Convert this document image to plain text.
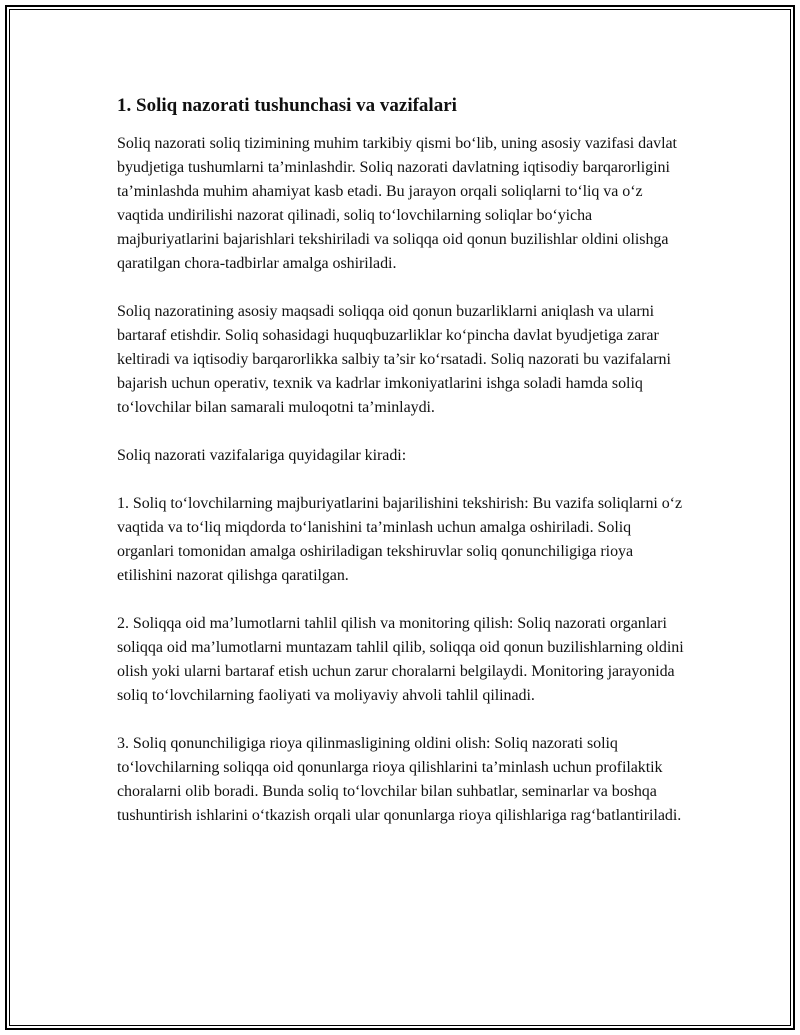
1. Soliq nazorati tushunchasi va vazifalari

Soliq nazorati soliq tizimining muhim tarkibiy qismi bo‘lib, uning asosiy vazifasi davlat byudjetiga tushumlarni ta’minlashdir. Soliq nazorati davlatning iqtisodiy barqarorligini ta’minlashda muhim ahamiyat kasb etadi. Bu jarayon orqali soliqlarni to‘liq va o‘z vaqtida undirilishi nazorat qilinadi, soliq to‘lovchilarning soliqlar bo‘yicha majburiyatlarini bajarishlari tekshiriladi va soliqqa oid qonun buzilishlar oldini olishga qaratilgan chora-tadbirlar amalga oshiriladi.

Soliq nazoratining asosiy maqsadi soliqqa oid qonun buzarliklarni aniqlash va ularni bartaraf etishdir. Soliq sohasidagi huquqbuzarliklar ko‘pincha davlat byudjetiga zarar keltiradi va iqtisodiy barqarorlikka salbiy ta’sir ko‘rsatadi. Soliq nazorati bu vazifalarni bajarish uchun operativ, texnik va kadrlar imkoniyatlarini ishga soladi hamda soliq to‘lovchilar bilan samarali muloqotni ta’minlaydi.

Soliq nazorati vazifalariga quyidagilar kiradi:

1. Soliq to‘lovchilarning majburiyatlarini bajarilishini tekshirish: Bu vazifa soliqlarni o‘z vaqtida va to‘liq miqdorda to‘lanishini ta’minlash uchun amalga oshiriladi. Soliq organlari tomonidan amalga oshiriladigan tekshiruvlar soliq qonunchiligiga rioya etilishini nazorat qilishga qaratilgan.

2. Soliqqa oid ma’lumotlarni tahlil qilish va monitoring qilish: Soliq nazorati organlari soliqqa oid ma’lumotlarni muntazam tahlil qilib, soliqqa oid qonun buzilishlarning oldini olish yoki ularni bartaraf etish uchun zarur choralarni belgilaydi. Monitoring jarayonida soliq to‘lovchilarning faoliyati va moliyaviy ahvoli tahlil qilinadi.

3. Soliq qonunchiligiga rioya qilinmasligining oldini olish: Soliq nazorati soliq to‘lovchilarning soliqqa oid qonunlarga rioya qilishlarini ta’minlash uchun profilaktik choralarni olib boradi. Bunda soliq to‘lovchilar bilan suhbatlar, seminarlar va boshqa tushuntirish ishlarini o‘tkazish orqali ular qonunlarga rioya qilishlariga rag‘batlantiriladi.
